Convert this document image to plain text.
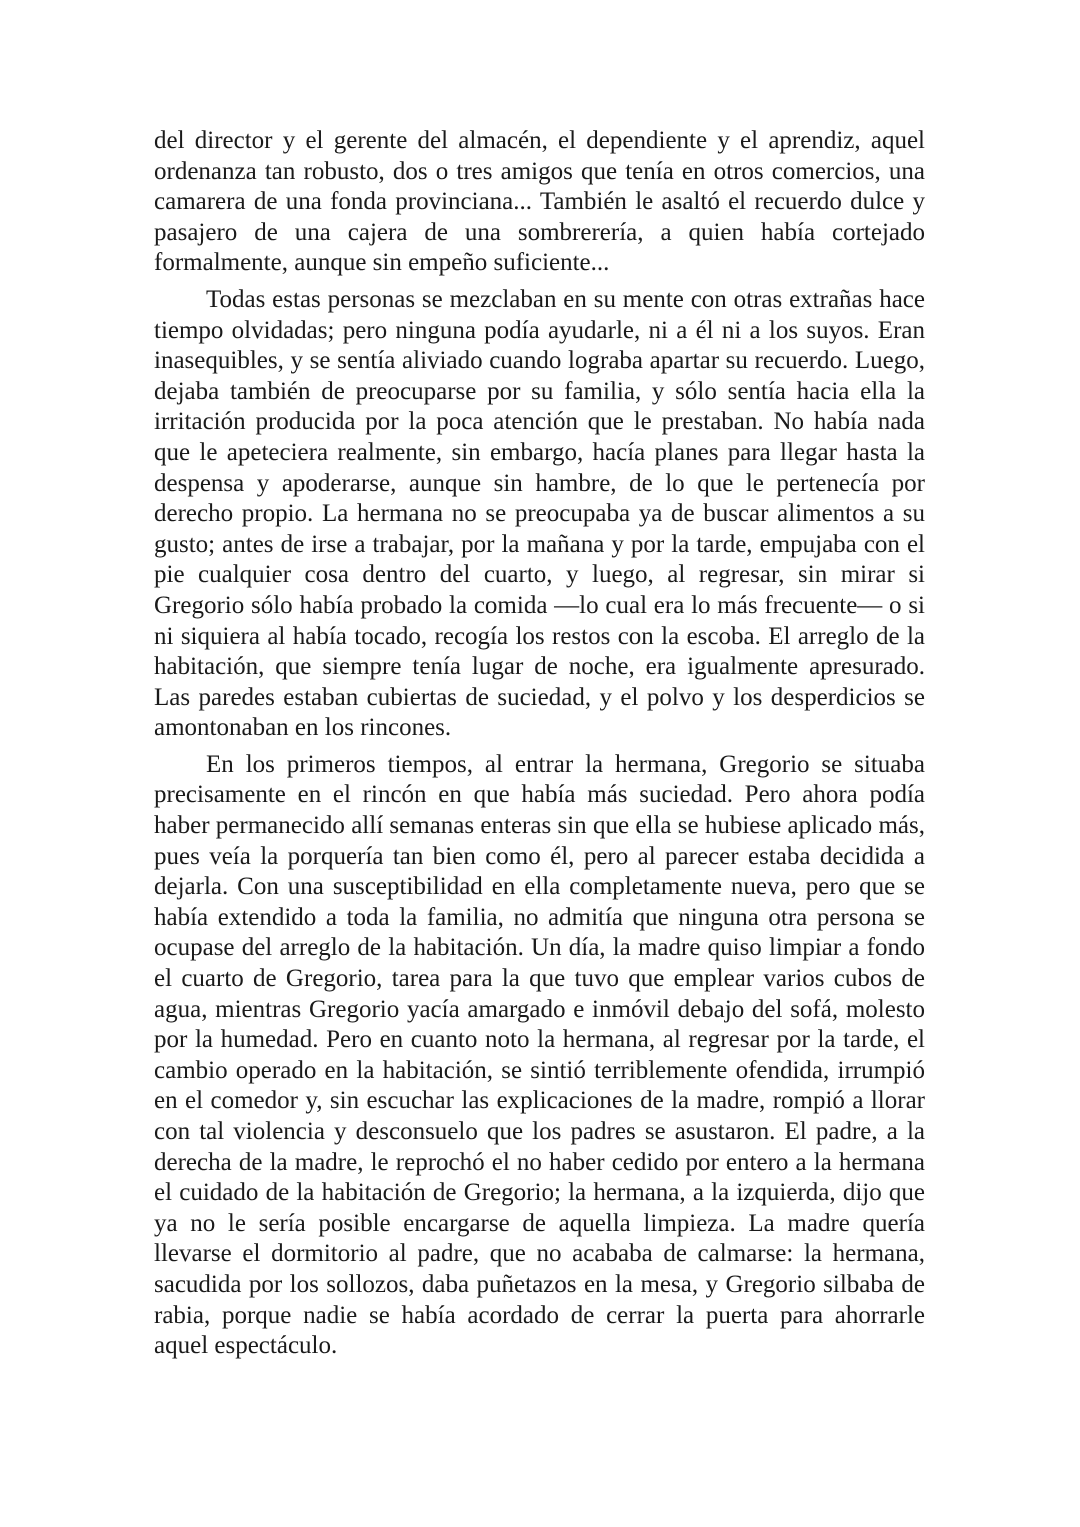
del director y el gerente del almacén, el dependiente y el aprendiz, aquel ordenanza tan robusto, dos o tres amigos que tenía en otros comercios, una camarera de una fonda provinciana... También le asaltó el recuerdo dulce y pasajero de una cajera de una sombrerería, a quien había cortejado formalmente, aunque sin empeño suficiente...

Todas estas personas se mezclaban en su mente con otras extrañas hace tiempo olvidadas; pero ninguna podía ayudarle, ni a él ni a los suyos. Eran inasequibles, y se sentía aliviado cuando lograba apartar su recuerdo. Luego, dejaba también de preocuparse por su familia, y sólo sentía hacia ella la irritación producida por la poca atención que le prestaban. No había nada que le apeteciera realmente, sin embargo, hacía planes para llegar hasta la despensa y apoderarse, aunque sin hambre, de lo que le pertenecía por derecho propio. La hermana no se preocupaba ya de buscar alimentos a su gusto; antes de irse a trabajar, por la mañana y por la tarde, empujaba con el pie cualquier cosa dentro del cuarto, y luego, al regresar, sin mirar si Gregorio sólo había probado la comida —lo cual era lo más frecuente— o si ni siquiera al había tocado, recogía los restos con la escoba. El arreglo de la habitación, que siempre tenía lugar de noche, era igualmente apresurado. Las paredes estaban cubiertas de suciedad, y el polvo y los desperdicios se amontonaban en los rincones.

En los primeros tiempos, al entrar la hermana, Gregorio se situaba precisamente en el rincón en que había más suciedad. Pero ahora podía haber permanecido allí semanas enteras sin que ella se hubiese aplicado más, pues veía la porquería tan bien como él, pero al parecer estaba decidida a dejarla. Con una susceptibilidad en ella completamente nueva, pero que se había extendido a toda la familia, no admitía que ninguna otra persona se ocupase del arreglo de la habitación. Un día, la madre quiso limpiar a fondo el cuarto de Gregorio, tarea para la que tuvo que emplear varios cubos de agua, mientras Gregorio yacía amargado e inmóvil debajo del sofá, molesto por la humedad. Pero en cuanto noto la hermana, al regresar por la tarde, el cambio operado en la habitación, se sintió terriblemente ofendida, irrumpió en el comedor y, sin escuchar las explicaciones de la madre, rompió a llorar con tal violencia y desconsuelo que los padres se asustaron. El padre, a la derecha de la madre, le reprochó el no haber cedido por entero a la hermana el cuidado de la habitación de Gregorio; la hermana, a la izquierda, dijo que ya no le sería posible encargarse de aquella limpieza. La madre quería llevarse el dormitorio al padre, que no acababa de calmarse: la hermana, sacudida por los sollozos, daba puñetazos en la mesa, y Gregorio silbaba de rabia, porque nadie se había acordado de cerrar la puerta para ahorrarle aquel espectáculo.
